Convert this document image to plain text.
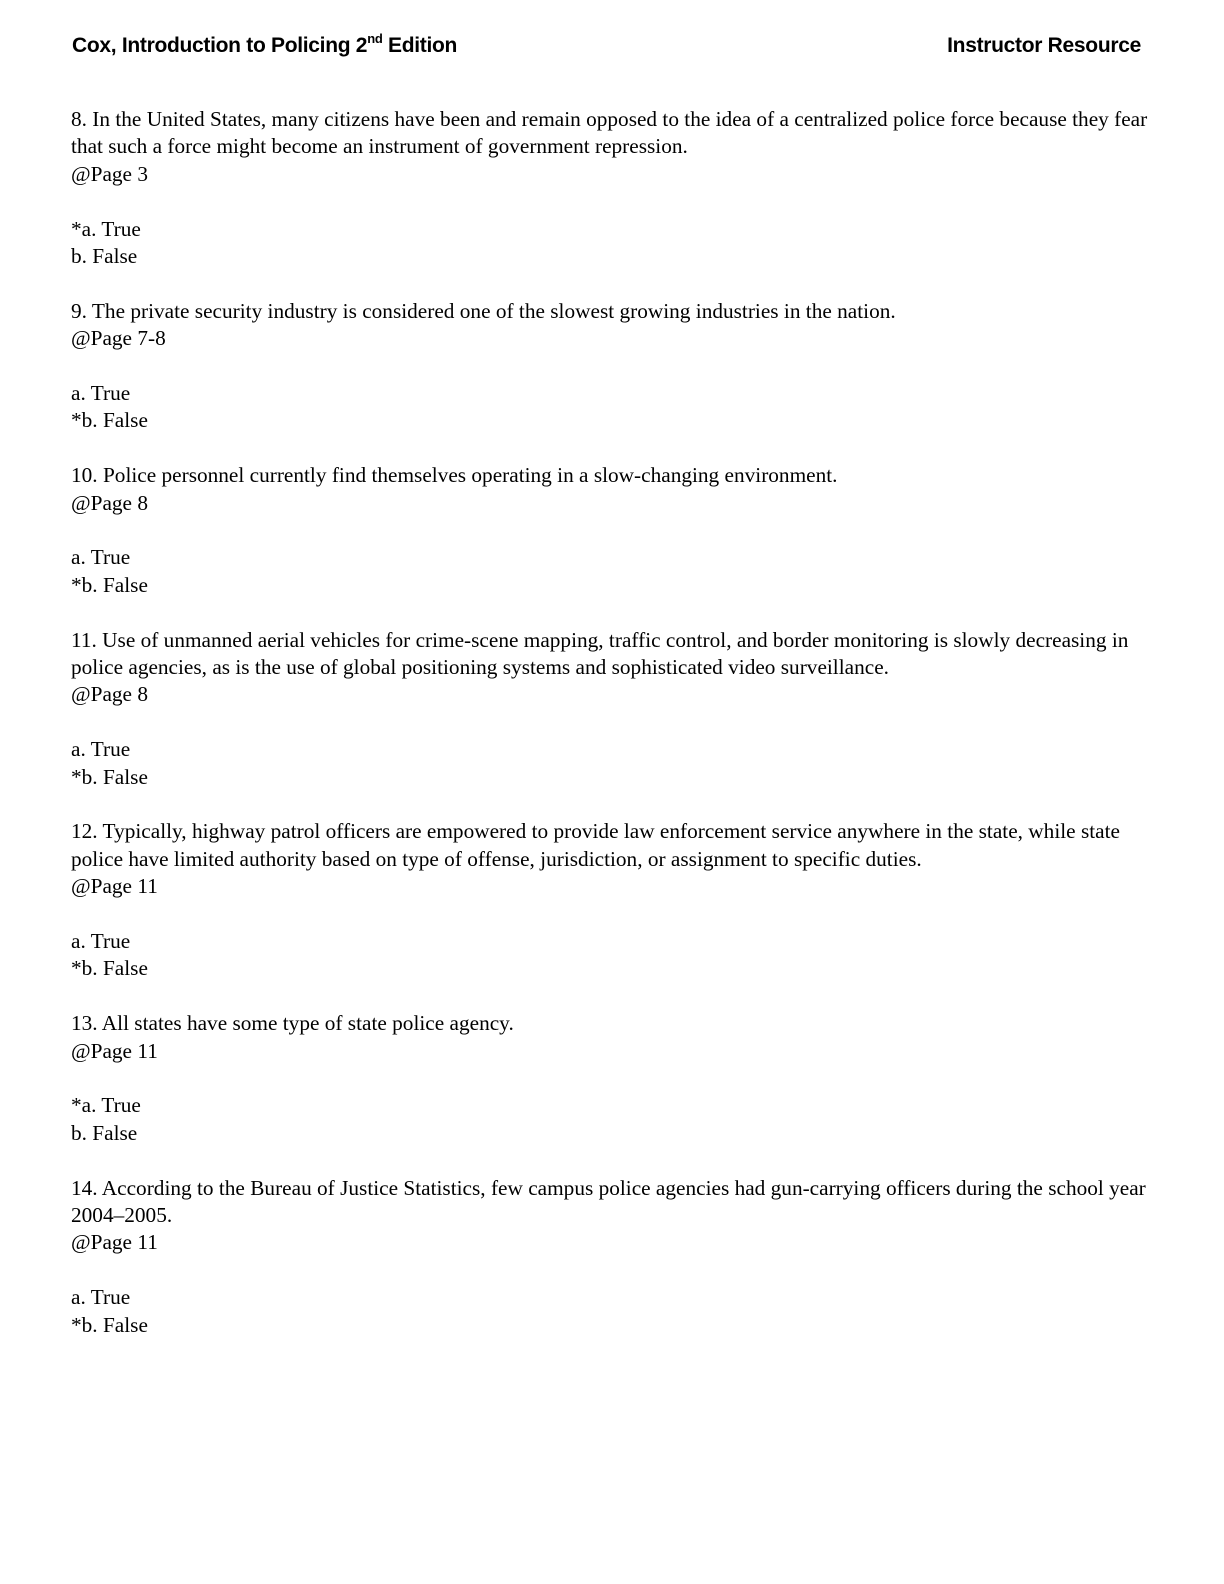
Cox, Introduction to Policing 2nd Edition	Instructor Resource
8. In the United States, many citizens have been and remain opposed to the idea of a centralized police force because they fear that such a force might become an instrument of government repression.
@Page 3
*a. True
b. False
9. The private security industry is considered one of the slowest growing industries in the nation.
@Page 7-8
a. True
*b. False
10. Police personnel currently find themselves operating in a slow-changing environment.
@Page 8
a. True
*b. False
11. Use of unmanned aerial vehicles for crime-scene mapping, traffic control, and border monitoring is slowly decreasing in police agencies, as is the use of global positioning systems and sophisticated video surveillance.
@Page 8
a. True
*b. False
12. Typically, highway patrol officers are empowered to provide law enforcement service anywhere in the state, while state police have limited authority based on type of offense, jurisdiction, or assignment to specific duties.
@Page 11
a. True
*b. False
13. All states have some type of state police agency.
@Page 11
*a. True
b. False
14. According to the Bureau of Justice Statistics, few campus police agencies had gun-carrying officers during the school year 2004–2005.
@Page 11
a. True
*b. False
